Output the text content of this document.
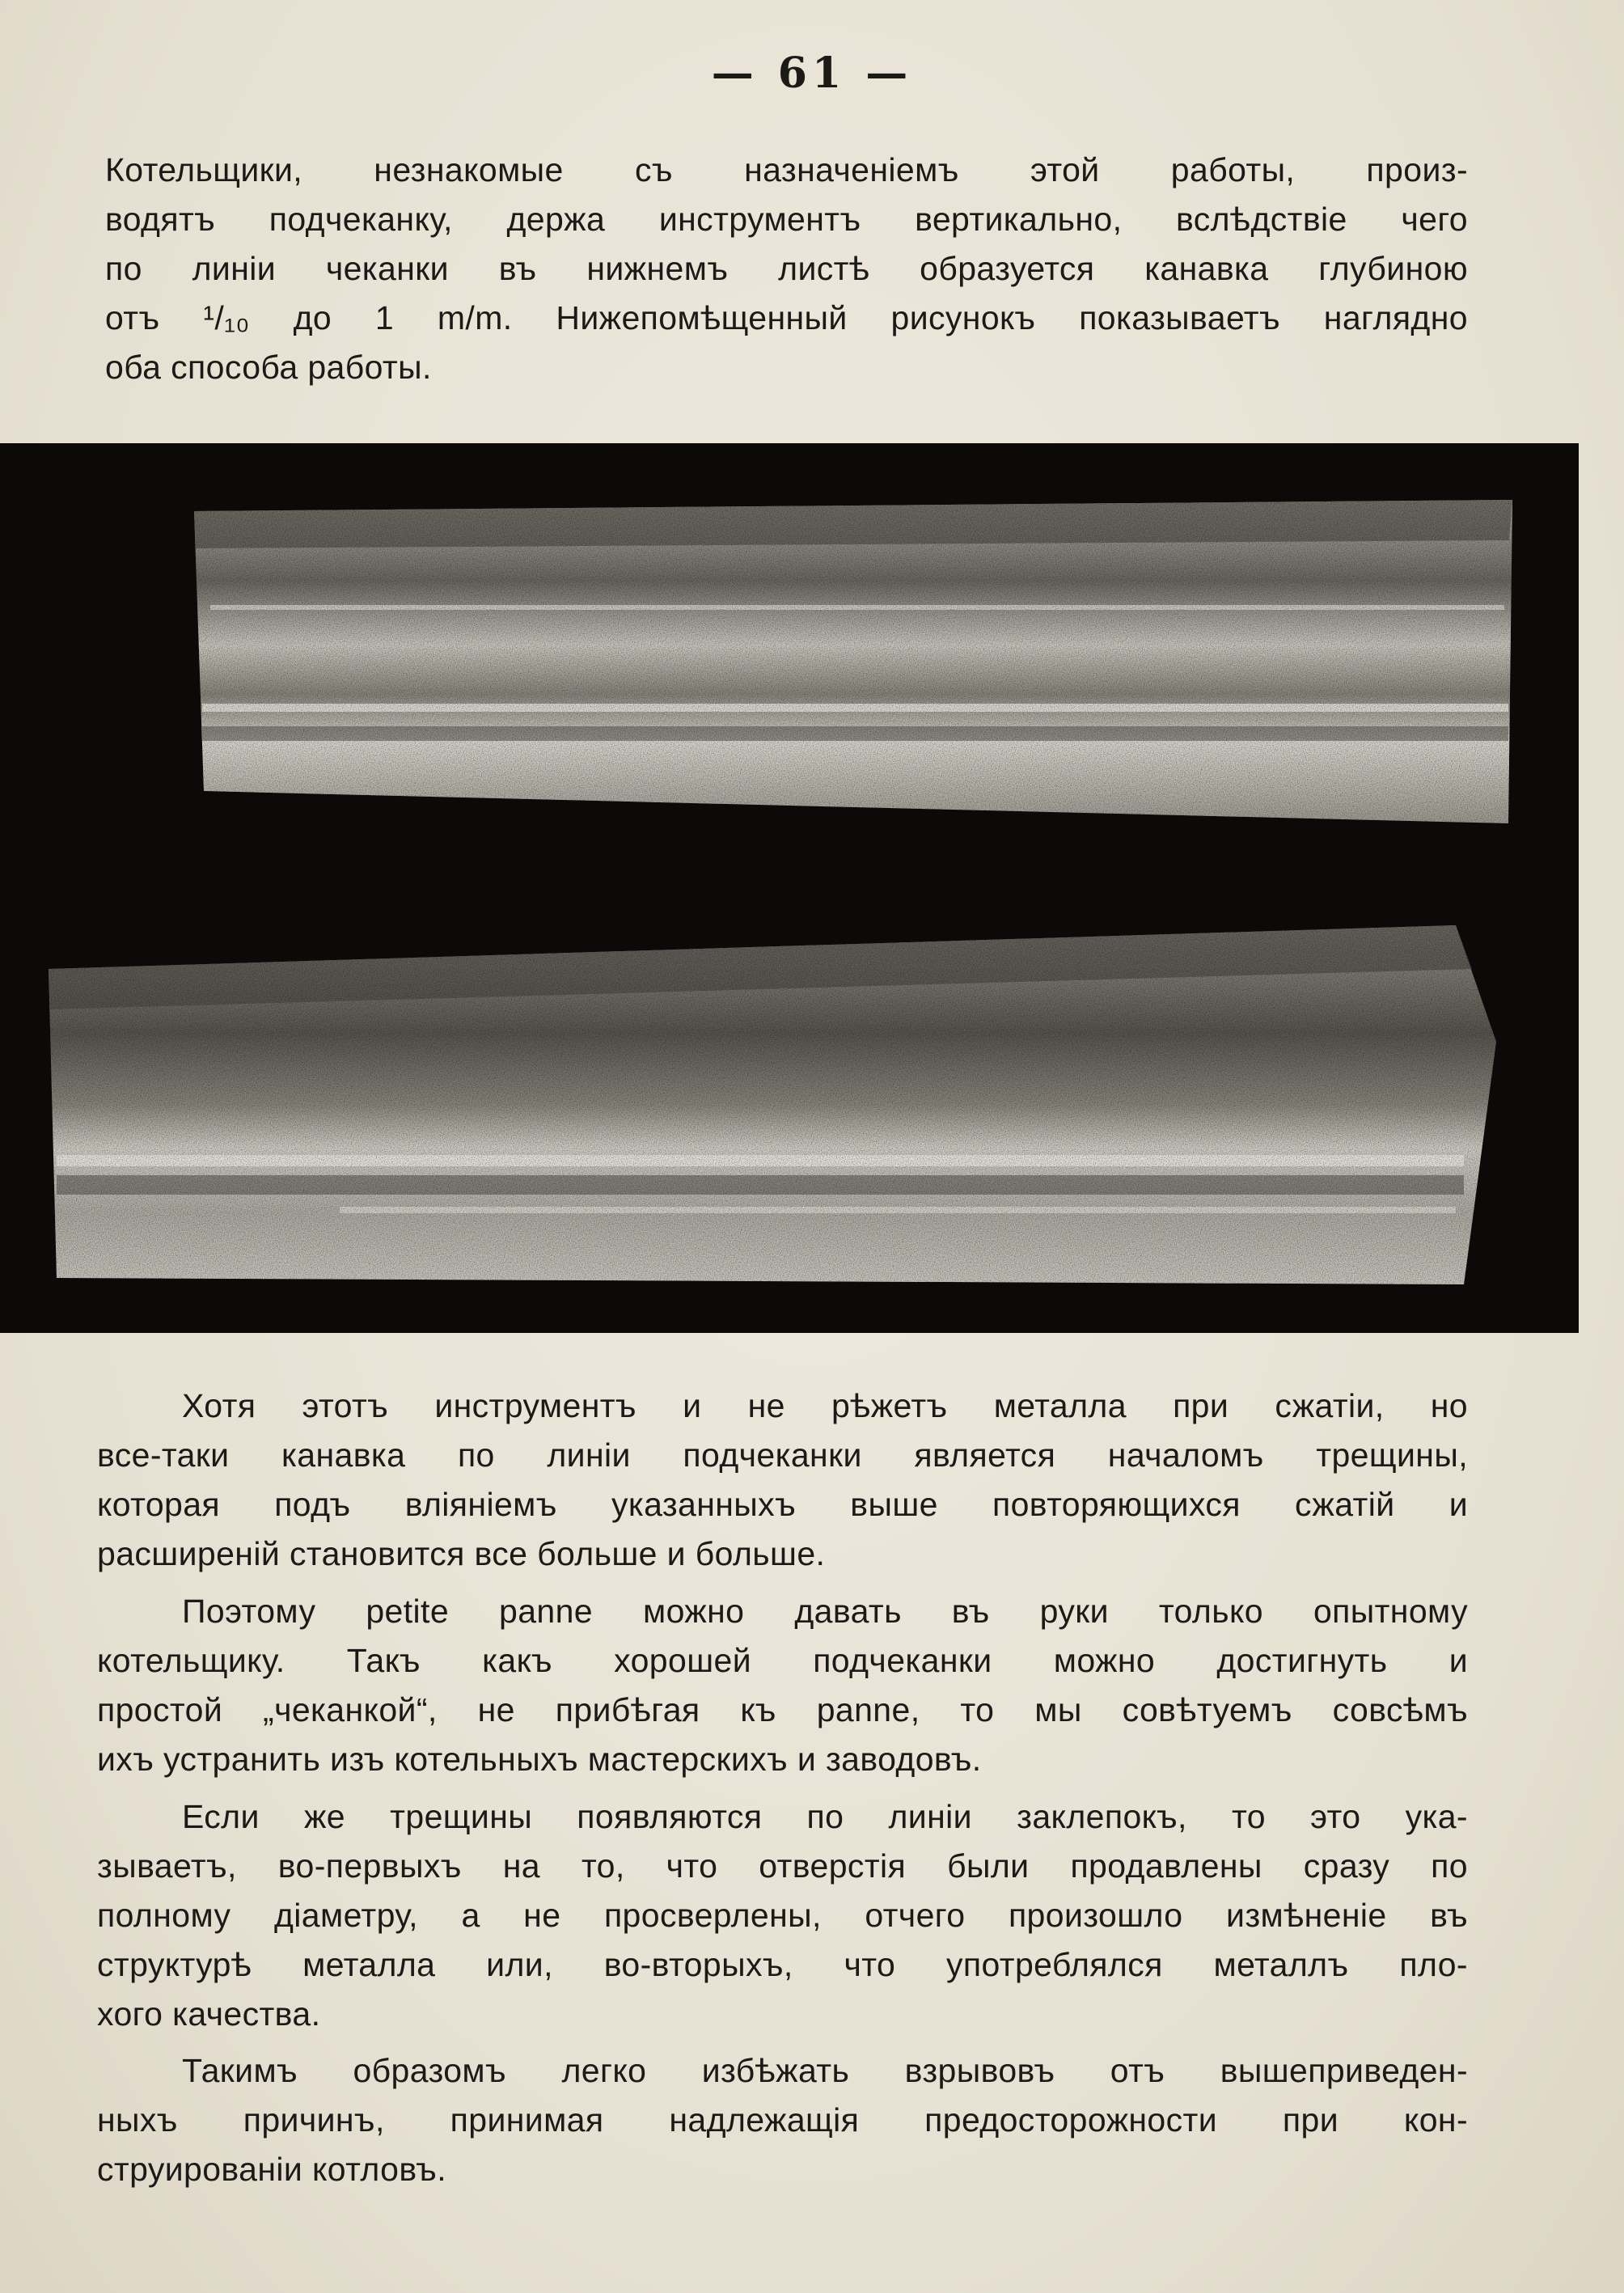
— 61 —
Котельщики, незнакомые съ назначеніемъ этой работы, произ-
водятъ подчеканку, держа инструментъ вертикально, вслѣдствіе чего
по линіи чеканки въ нижнемъ листѣ образуется канавка глубиною
отъ ¹/₁₀ до 1 m/m. Нижепомѣщенный рисунокъ показываетъ наглядно
оба способа работы.
Хотя этотъ инструментъ и не рѣжетъ металла при сжатіи, но
все-таки канавка по линіи подчеканки является началомъ трещины,
которая подъ вліяніемъ указанныхъ выше повторяющихся сжатій и
расширеній становится все больше и больше.
Поэтому petite panne можно давать въ руки только опытному
котельщику. Такъ какъ хорошей подчеканки можно достигнуть и
простой „чеканкой“, не прибѣгая къ panne, то мы совѣтуемъ совсѣмъ
ихъ устранить изъ котельныхъ мастерскихъ и заводовъ.
Если же трещины появляются по линіи заклепокъ, то это ука-
зываетъ, во-первыхъ на то, что отверстія были продавлены сразу по
полному діаметру, а не просверлены, отчего произошло измѣненіе въ
структурѣ металла или, во-вторыхъ, что употреблялся металлъ пло-
хого качества.
Такимъ образомъ легко избѣжать взрывовъ отъ вышеприведен-
ныхъ причинъ, принимая надлежащія предосторожности при кон-
струированіи котловъ.
